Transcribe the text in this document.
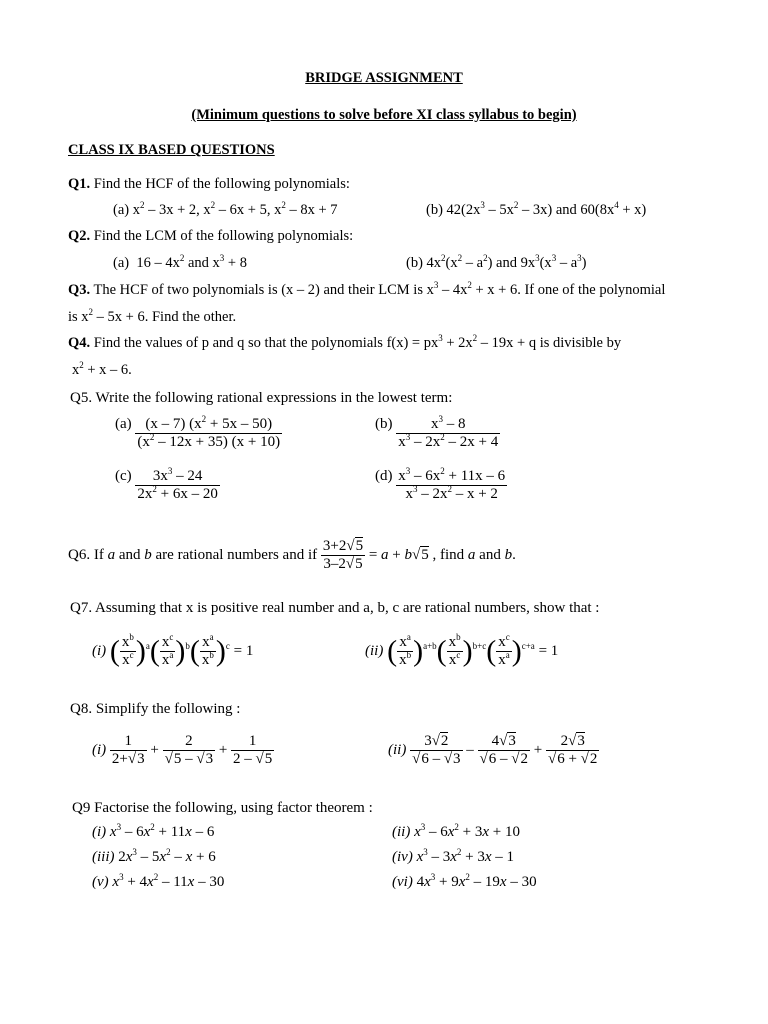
BRIDGE ASSIGNMENT
(Minimum questions to solve before XI class syllabus to begin)
CLASS IX BASED QUESTIONS
Q1. Find the HCF of the following polynomials:
(a) $x^2 - 3x + 2$, $x^2 - 6x + 5$, $x^2 - 8x + 7$	(b) $42(2x^3 - 5x^2 - 3x)$ and $60(8x^4 + x)$
Q2. Find the LCM of the following polynomials:
(a)  $16 - 4x^2$ and $x^3 + 8$	(b) $4x^2(x^2 - a^2)$ and $9x^3(x^3 - a^3)$
Q3. The HCF of two polynomials is (x – 2) and their LCM is $x^3 - 4x^2 + x + 6$. If one of the polynomial
is $x^2 - 5x + 6$. Find the other.
Q4. Find the values of p and q so that the polynomials $f(x) = px^3 + 2x^2 - 19x + q$ is divisible by
$x^2 + x - 6$.
Q5. Write the following rational expressions in the lowest term:
$(a) \frac{(x - 7) (x^2 + 5x - 50)}{(x^2 - 12x + 35) (x + 10)}$	$(b) \frac{x^3 - 8}{x^3 - 2x^2 - 2x + 4}$
$(c) \frac{3x^3 - 24}{2x^2 + 6x - 20}$	$(d) \frac{x^3 - 6x^2 + 11x - 6}{x^3 - 2x^2 - x + 2}$
Q6. If a and b are rational numbers and if $\frac{3+2√5}{3-2√5} = a + b√5$ , find a and b.
Q7. Assuming that x is positive real number and a, b, c are rational numbers, show that :
(i) ( $\frac{x^b}{x^c} )^a( \frac{x^c}{x^a} )^b( \frac{x^a}{x^b} )^c = 1$	(ii) ( $\frac{x^a}{x^b} )^{a+b}( \frac{x^b}{x^c} )^{b+c}( \frac{x^c}{x^a} )^{c+a} = 1$
Q8. Simplify the following :
$(i) \frac{1}{2+√3} + \frac{2}{√5 - √3} + \frac{1}{2 - √5}$	$(ii) \frac{3√2}{√6 - √3} - \frac{4√3}{√6 - √2} + \frac{2√3}{√6 + √2}$
Q9 Factorise the following, using factor theorem :
(i) $x^3 - 6x^2 + 11x - 6$	(ii) $x^3 - 6x^2 + 3x + 10$
(iii) $2x^3 - 5x^2 - x + 6$	(iv) $x^3 - 3x^2 + 3x - 1$
(v) $x^3 + 4x^2 - 11x - 30$	(vi) $4x^3 + 9x^2 - 19x - 30$
